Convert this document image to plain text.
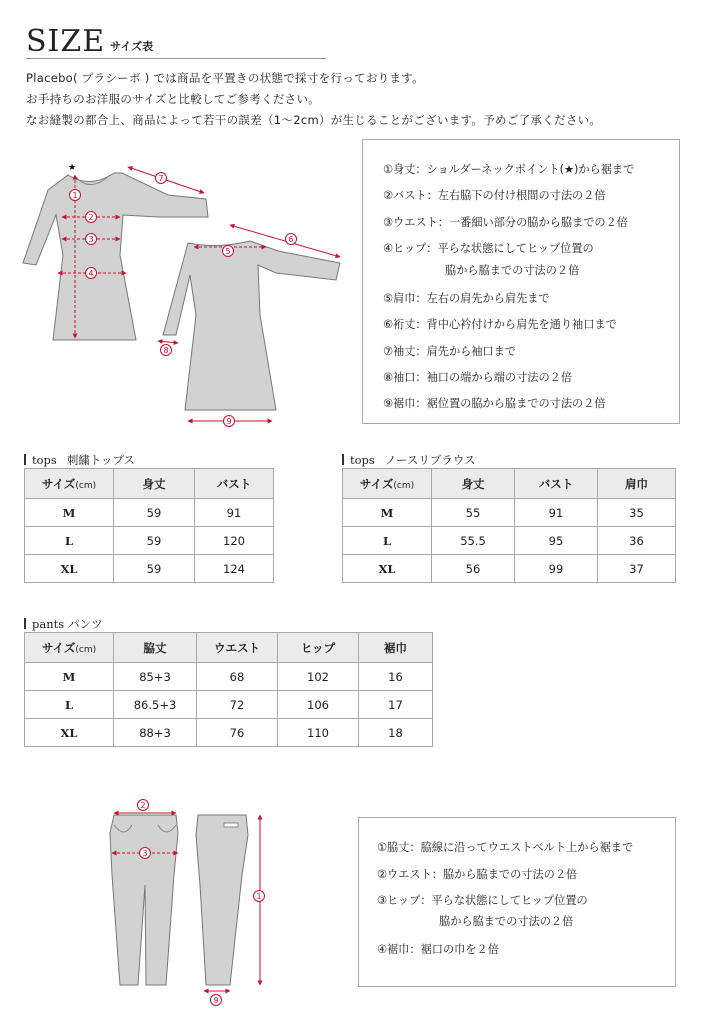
SIZE サイズ表
Placebo( プラシーボ ) では商品を平置きの状態で採寸を行っております。
お手持ちのお洋服のサイズと比較してご参考ください。
なお縫製の都合上、商品によって若干の誤差（1〜2cm）が生じることがございます。予めご了承ください。
★
1
2
3
4
5
6
7
8
9
①身丈：ショルダーネックポイント(★)から裾まで
②バスト：左右脇下の付け根間の寸法の２倍
③ウエスト：一番細い部分の脇から脇までの２倍
④ヒップ：平らな状態にしてヒップ位置の
脇から脇までの寸法の２倍
⑤肩巾：左右の肩先から肩先まで
⑥裄丈：背中心衿付けから肩先を通り袖口まで
⑦袖丈：肩先から袖口まで
⑧袖口：袖口の端から端の寸法の２倍
⑨裾巾：裾位置の脇から脇までの寸法の２倍
tops 刺繍トップス
サイズ(cm)	身丈	バスト
M	59	91
L	59	120
XL	59	124
tops ノースリブラウス
サイズ(cm)	身丈	バスト	肩巾
M	55	91	35
L	55.5	95	36
XL	56	99	37
pants パンツ
サイズ(cm)	脇丈	ウエスト	ヒップ	裾巾
M	85+3	68	102	16
L	86.5+3	72	106	17
XL	88+3	76	110	18
1
2
3
9
①脇丈：脇線に沿ってウエストベルト上から裾まで
②ウエスト：脇から脇までの寸法の２倍
③ヒップ：平らな状態にしてヒップ位置の
脇から脇までの寸法の２倍
④裾巾：裾口の巾を２倍
